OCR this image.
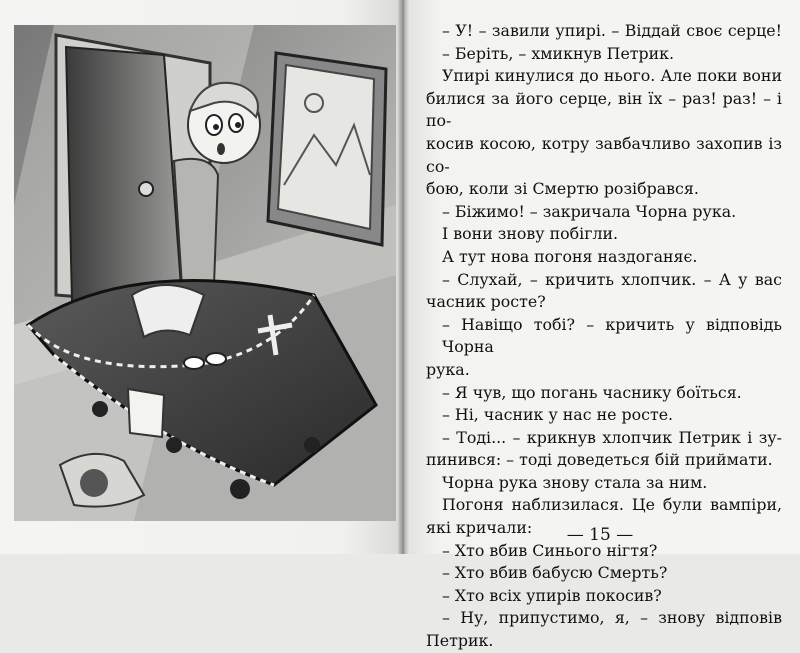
– У! – завили упирі. – Віддай своє серце!
– Беріть, – хмикнув Петрик.
Упирі кинулися до нього. Але поки вони
билися за його серце, він їх – раз! раз! – і по-
косив косою, котру завбачливо захопив із со-
бою, коли зі Смертю розібрався.
– Біжимо! – закричала Чорна рука.
І вони знову побігли.
А тут нова погоня наздоганяє.
– Слухай, – кричить хлопчик. – А у вас
часник росте?
– Навіщо тобі? – кричить у відповідь Чорна
рука.
– Я чув, що погань часнику боїться.
– Ні, часник у нас не росте.
– Тоді... – крикнув хлопчик Петрик і зу-
пинився: – тоді доведеться бій приймати.
Чорна рука знову стала за ним.
Погоня наблизилася. Це були вампіри,
які кричали:
– Хто вбив Синього нігтя?
– Хто вбив бабусю Смерть?
– Хто всіх упирів покосив?
– Ну, припустимо, я, – знову відповів
Петрик.
— 15 —
